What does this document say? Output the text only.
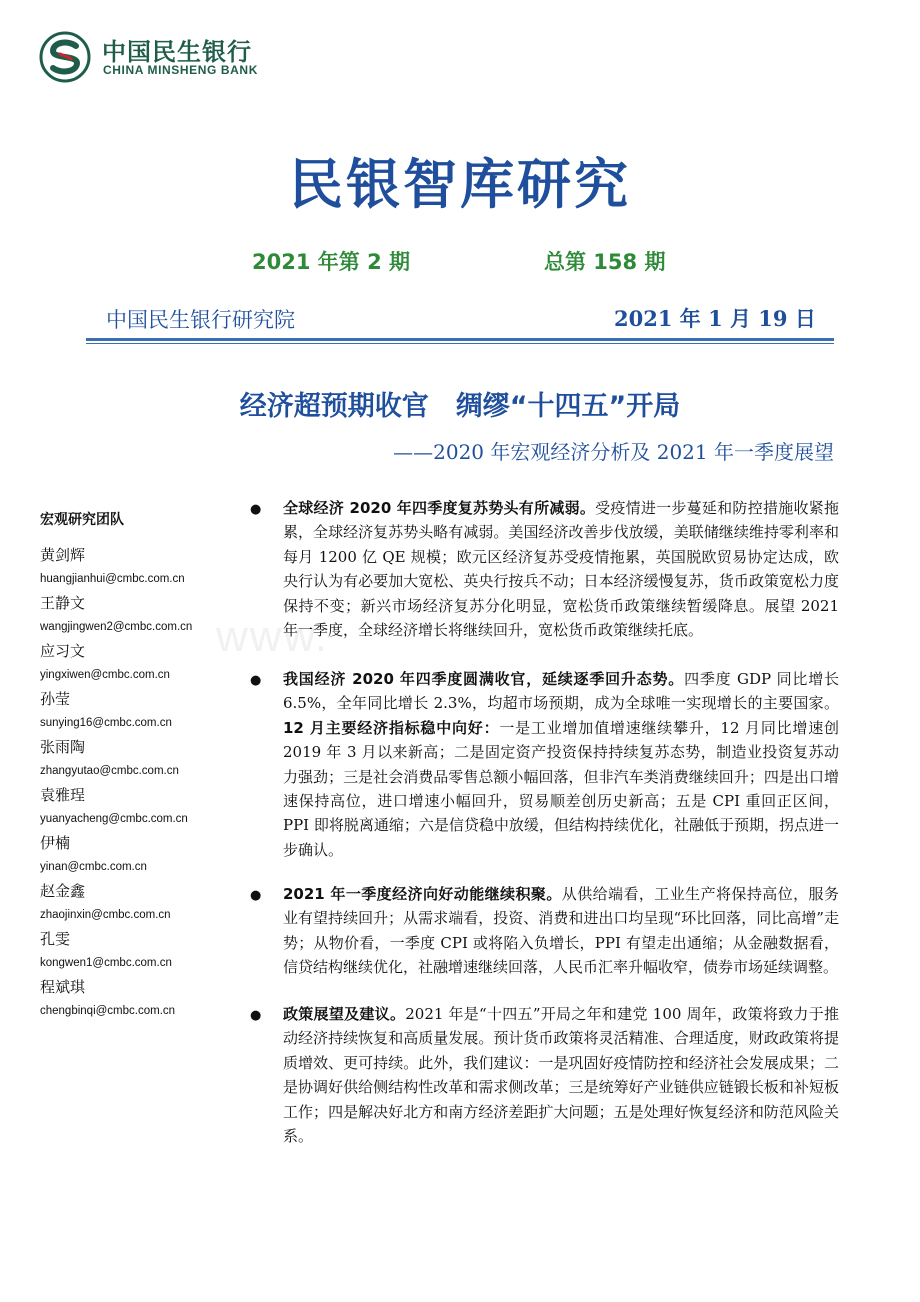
中国民生银行
CHINA MINSHENG BANK
民银智库研究
2021 年第 2 期	总第 158 期
中国民生银行研究院	2021 年 1 月 19 日
经济超预期收官　绸缪“十四五”开局
——2020 年宏观经济分析及 2021 年一季度展望
www.
宏观研究团队
黄剑辉
huangjianhui@cmbc.com.cn
王静文
wangjingwen2@cmbc.com.cn
应习文
yingxiwen@cmbc.com.cn
孙莹
sunying16@cmbc.com.cn
张雨陶
zhangyutao@cmbc.com.cn
袁雅珵
yuanyacheng@cmbc.com.cn
伊楠
yinan@cmbc.com.cn
赵金鑫
zhaojinxin@cmbc.com.cn
孔雯
kongwen1@cmbc.com.cn
程斌琪
chengbinqi@cmbc.com.cn
● 全球经济 2020 年四季度复苏势头有所减弱。受疫情进一步蔓延和防控措施收紧拖累，全球经济复苏势头略有减弱。美国经济改善步伐放缓，美联储继续维持零利率和每月 1200 亿 QE 规模；欧元区经济复苏受疫情拖累，英国脱欧贸易协定达成，欧央行认为有必要加大宽松、英央行按兵不动；日本经济缓慢复苏，货币政策宽松力度保持不变；新兴市场经济复苏分化明显，宽松货币政策继续暂缓降息。展望 2021 年一季度，全球经济增长将继续回升，宽松货币政策继续托底。
● 我国经济 2020 年四季度圆满收官，延续逐季回升态势。四季度 GDP 同比增长 6.5%，全年同比增长 2.3%，均超市场预期，成为全球唯一实现增长的主要国家。12 月主要经济指标稳中向好：一是工业增加值增速继续攀升，12 月同比增速创 2019 年 3 月以来新高；二是固定资产投资保持持续复苏态势，制造业投资复苏动力强劲；三是社会消费品零售总额小幅回落，但非汽车类消费继续回升；四是出口增速保持高位，进口增速小幅回升，贸易顺差创历史新高；五是 CPI 重回正区间，PPI 即将脱离通缩；六是信贷稳中放缓，但结构持续优化，社融低于预期，拐点进一步确认。
● 2021 年一季度经济向好动能继续积聚。从供给端看，工业生产将保持高位，服务业有望持续回升；从需求端看，投资、消费和进出口均呈现“环比回落，同比高增”走势；从物价看，一季度 CPI 或将陷入负增长，PPI 有望走出通缩；从金融数据看，信贷结构继续优化，社融增速继续回落，人民币汇率升幅收窄，债券市场延续调整。
● 政策展望及建议。2021 年是“十四五”开局之年和建党 100 周年，政策将致力于推动经济持续恢复和高质量发展。预计货币政策将灵活精准、合理适度，财政政策将提质增效、更可持续。此外，我们建议：一是巩固好疫情防控和经济社会发展成果；二是协调好供给侧结构性改革和需求侧改革；三是统筹好产业链供应链锻长板和补短板工作；四是解决好北方和南方经济差距扩大问题；五是处理好恢复经济和防范风险关系。
